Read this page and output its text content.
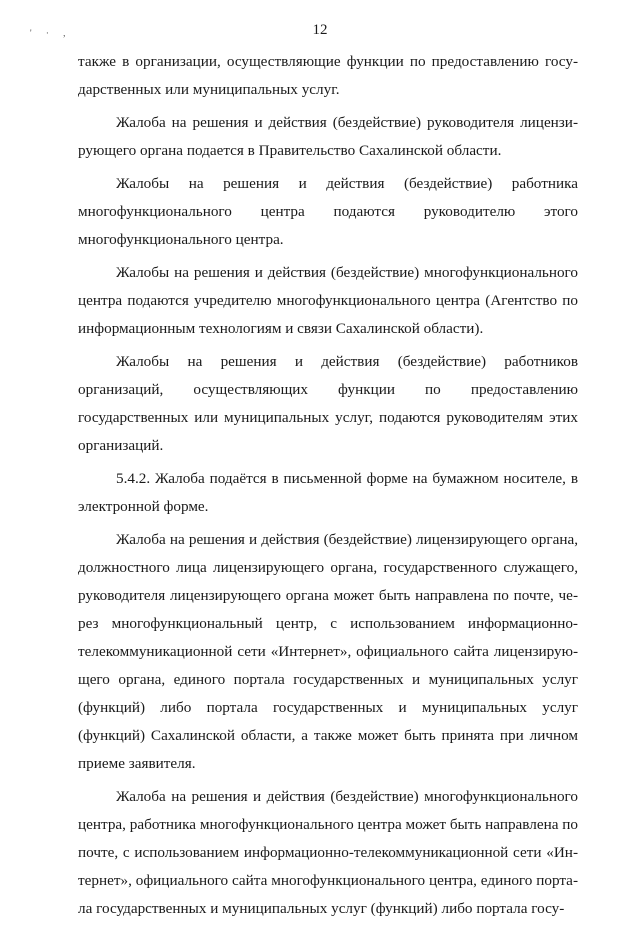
' · ,	12

также в организации, осуществляющие функции по предоставлению государственных или муниципальных услуг.

Жалоба на решения и действия (бездействие) руководителя лицензирующего органа подается в Правительство Сахалинской области.

Жалобы на решения и действия (бездействие) работника многофункционального центра подаются руководителю этого многофункционального центра.

Жалобы на решения и действия (бездействие) многофункционального центра подаются учредителю многофункционального центра (Агентство по информационным технологиям и связи Сахалинской области).

Жалобы на решения и действия (бездействие) работников организаций, осуществляющих функции по предоставлению государственных или муниципальных услуг, подаются руководителям этих организаций.

5.4.2. Жалоба подаётся в письменной форме на бумажном носителе, в электронной форме.

Жалоба на решения и действия (бездействие) лицензирующего органа, должностного лица лицензирующего органа, государственного служащего, руководителя лицензирующего органа может быть направлена по почте, через многофункциональный центр, с использованием информационно-телекоммуникационной сети «Интернет», официального сайта лицензирующего органа, единого портала государственных и муниципальных услуг (функций) либо портала государственных и муниципальных услуг (функций) Сахалинской области, а также может быть принята при личном приеме заявителя.

Жалоба на решения и действия (бездействие) многофункционального центра, работника многофункционального центра может быть направлена по почте, с использованием информационно-телекоммуникационной сети «Интернет», официального сайта многофункционального центра, единого портала государственных и муниципальных услуг (функций) либо портала госу-
